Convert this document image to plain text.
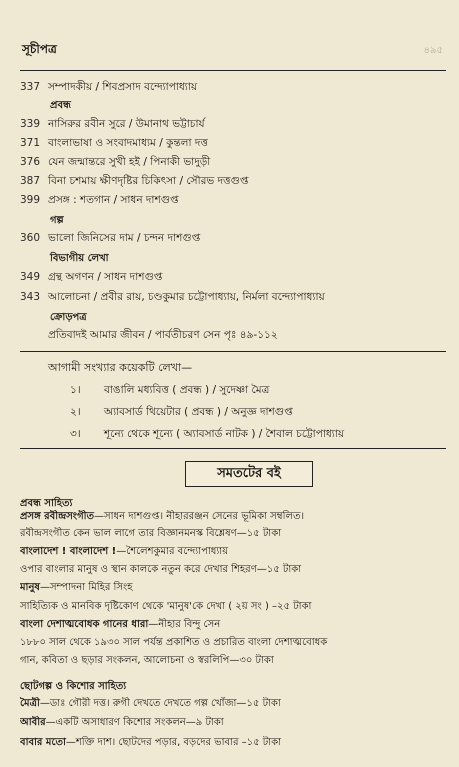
সূচীপত্র	৪৯৫
337 সম্পাদকীয় / শিবপ্রসাদ বন্দ্যোপাধ্যায়
প্রবন্ধ
339 নাসিরুর রবীন সুরে / উমানাথ ভট্টাচার্য
371 বাংলাভাষা ও সংবাদমাধ্যম / কুন্তলা দত্ত
376 যেন জন্মান্তরে সুখী হই / পিনাকী ভাদুড়ী
387 বিনা চশমায় ক্ষীণদৃষ্টির চিকিৎসা / সৌরভ দত্তগুপ্ত
399 প্রসঙ্গ : শতগান / সাধন দাশগুপ্ত
গল্প
360 ভালো জিনিসের দাম / চন্দন দাশগুপ্ত
বিভাগীয় লেখা
349 গ্রন্থ অগণন / সাধন দাশগুপ্ত
343 আলোচনা / প্রবীর রায়, চণ্ডকুমার চট্টোপাধ্যায়, নির্মলা বন্দ্যোপাধ্যায়
ক্রোড়পত্র
প্রতিবাদই আমার জীবন / পার্বতীচরণ সেন পৃঃ ৪৯-১১২
আগামী সংখ্যার কয়েকটি লেখা—
১। বাঙালি মধ্যবিত্ত ( প্রবন্ধ ) / সুদেষ্ণা মৈত্র
২। অ্যাবসার্ড থিয়েটার ( প্রবন্ধ ) / অনুজ্ঞ দাশগুপ্ত
৩। শূন্যে থেকে শূন্যে ( অ্যাবসার্ড নাটক ) / শৈবাল চট্টোপাধ্যায়
সমতটের বই
প্রবন্ধ সাহিত্য
প্রসঙ্গ রবীন্দ্রসংগীত—সাধন দাশগুপ্ত। নীহাররঞ্জন সেনের ভূমিকা সম্বলিত।
রবীন্দ্রসংগীত কেন ভাল লাগে তার বিজ্ঞানমনস্ক বিশ্লেষণ—১৫ টাকা
বাংলাদেশ ! বাংলাদেশ !—শৈলেশকুমার বন্দ্যোপাধ্যায়
ওপার বাংলার মানুষ ও স্থান কালকে নতুন করে দেখার শিহরণ—১৫ টাকা
মানুষ—সম্পাদনা মিহির সিংহ
সাহিত্যিক ও মানবিক দৃষ্টিকোণ থেকে 'মানুষ'কে দেখা ( ২য় সং ) –২৫ টাকা
বাংলা দেশাত্মবোধক গানের ধারা—নীহার বিন্দু সেন
১৮৮০ সাল থেকে ১৯৩০ সাল পর্যন্ত প্রকাশিত ও প্রচারিত বাংলা দেশাত্মবোধক
গান, কবিতা ও ছড়ার সংকলন, আলোচনা ও স্বরলিপি—৩০ টাকা
ছোটগল্প ও কিশোর সাহিত্য
মৈত্রী—ডাঃ গৌরী দত্ত। রুগী দেখতে দেখতে গল্প খোঁজা—১৫ টাকা
আবীর—একটি অসাধারণ কিশোর সংকলন—৯ টাকা
বাবার মতো—শক্তি দাশ। ছোটদের পড়ার, বড়দের ভাবার –১৫ টাকা
